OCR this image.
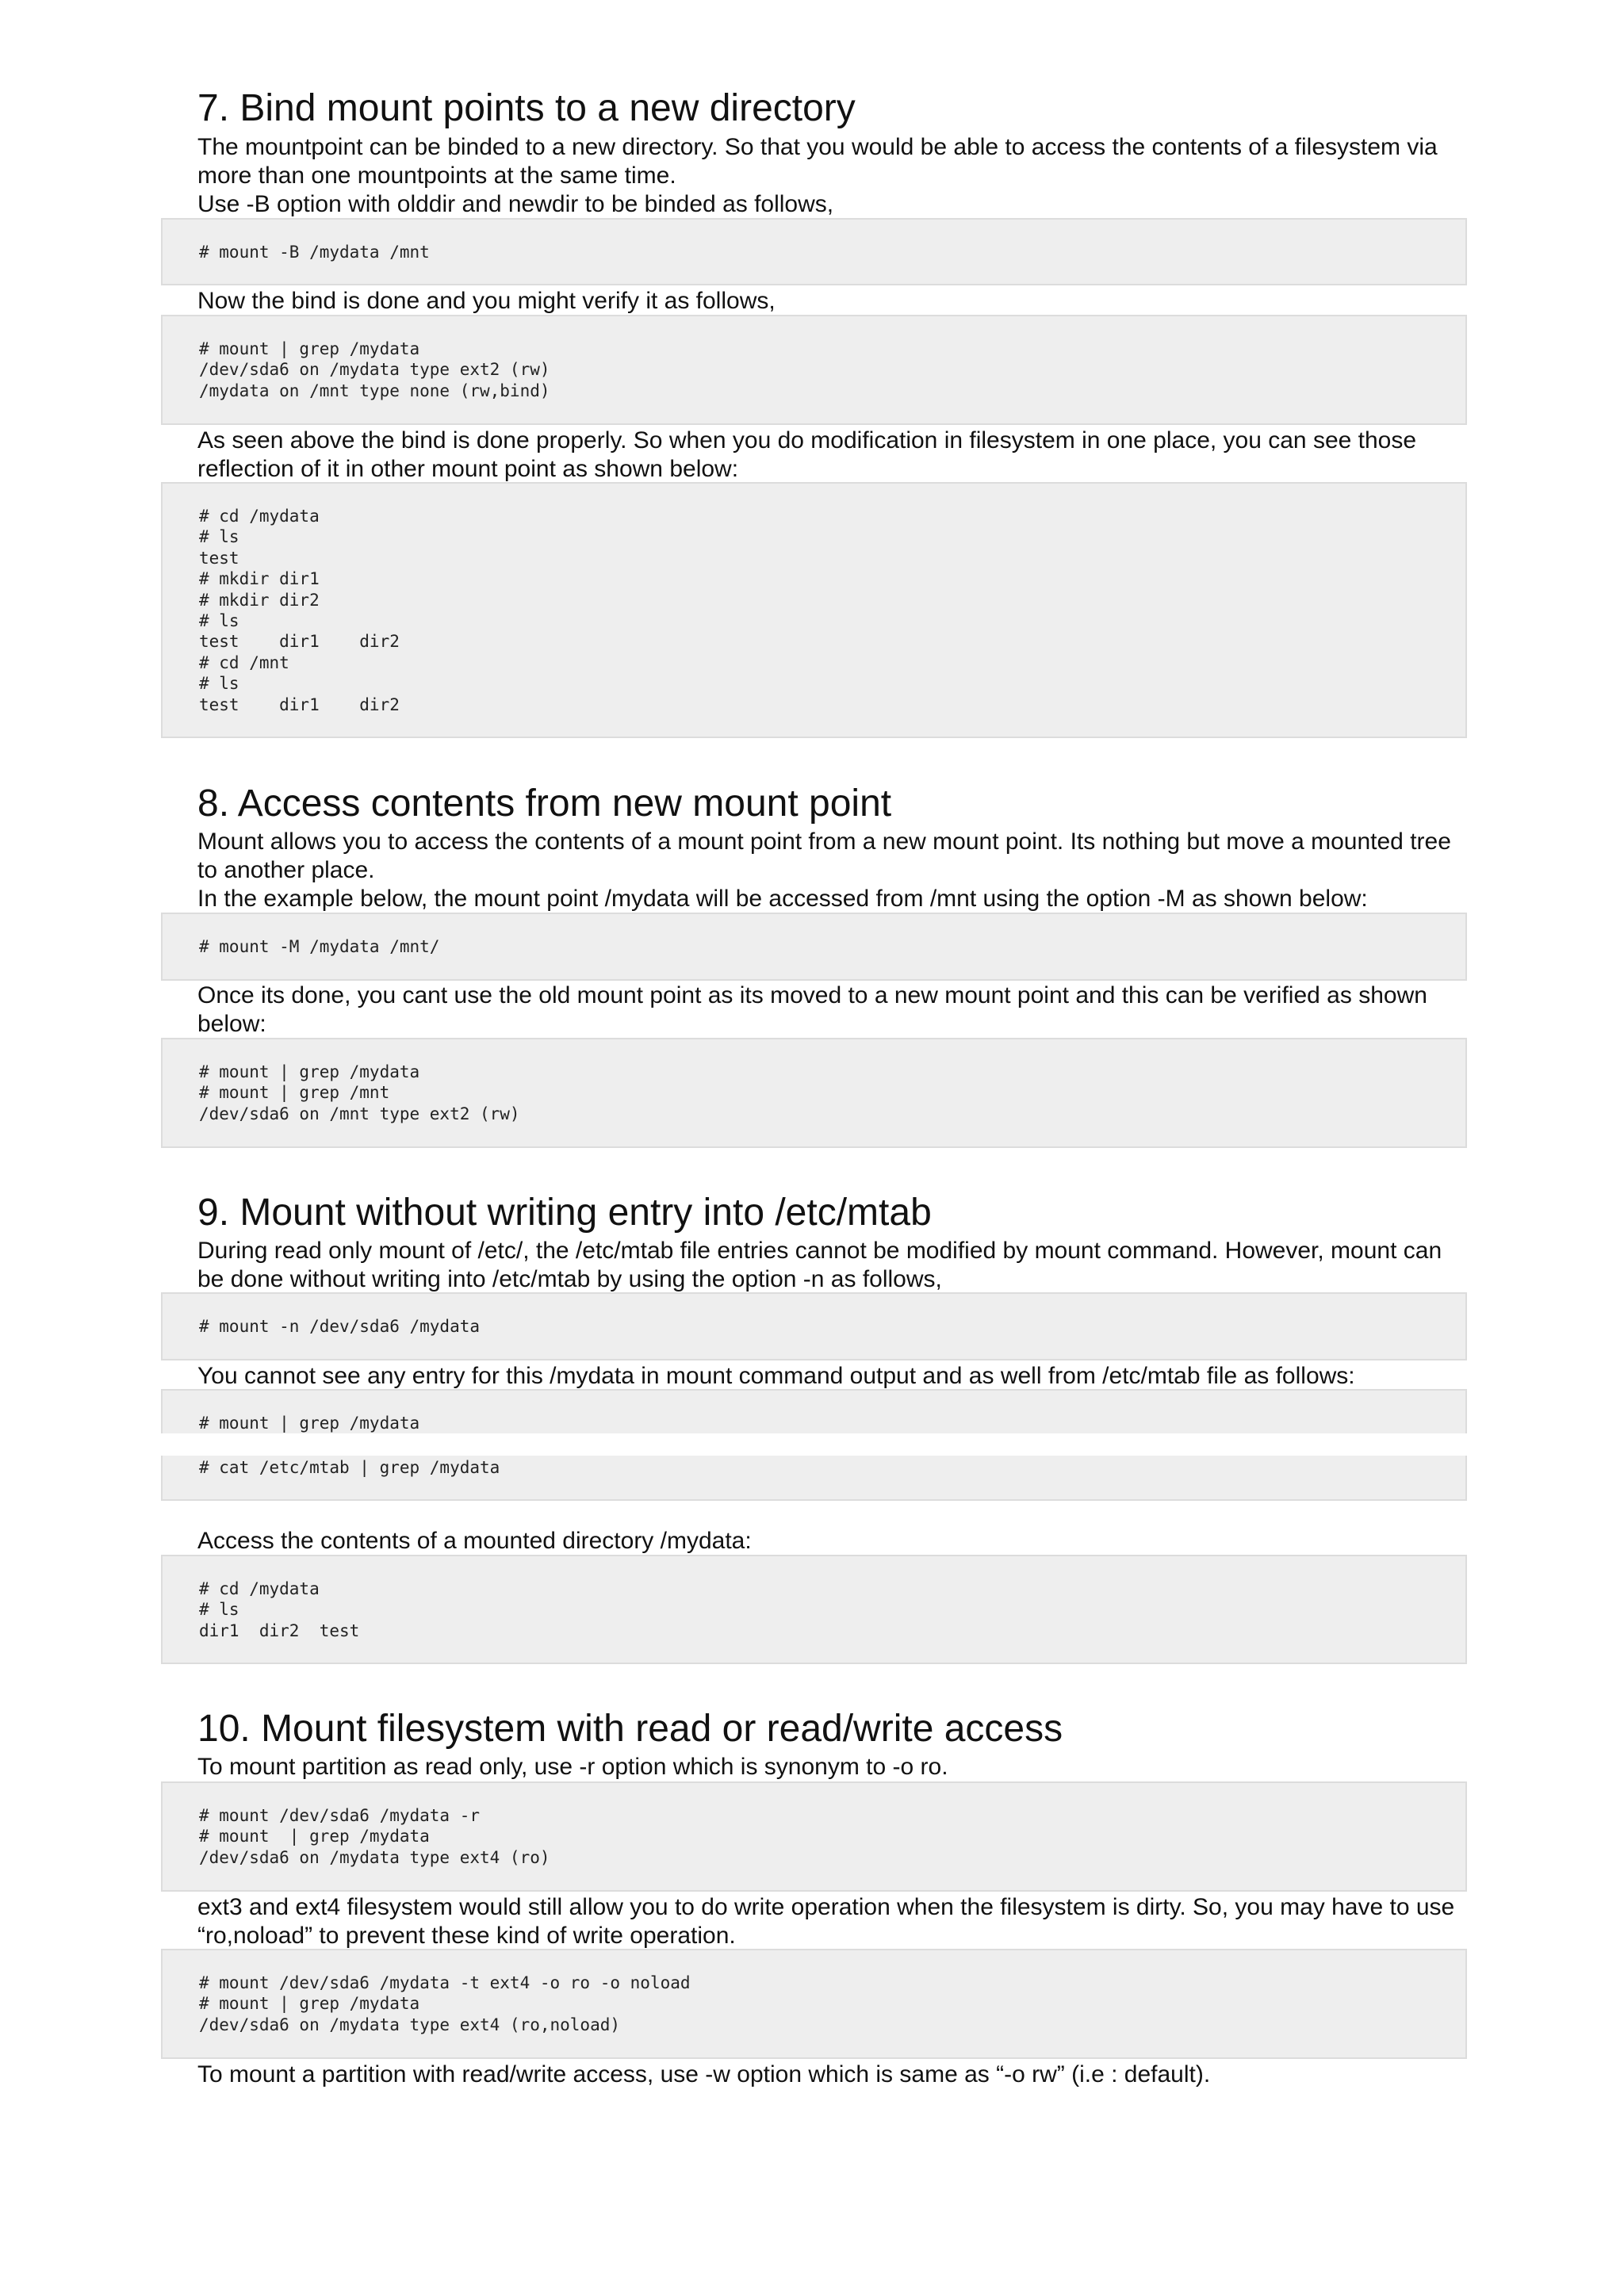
7. Bind mount points to a new directory

The mountpoint can be binded to a new directory. So that you would be able to access the contents of a filesystem via more than one mountpoints at the same time.

Use -B option with olddir and newdir to be binded as follows,

# mount -B /mydata /mnt

Now the bind is done and you might verify it as follows,

# mount | grep /mydata
/dev/sda6 on /mydata type ext2 (rw)
/mydata on /mnt type none (rw,bind)

As seen above the bind is done properly. So when you do modification in filesystem in one place, you can see those reflection of it in other mount point as shown below:

# cd /mydata
# ls
test
# mkdir dir1
# mkdir dir2
# ls
test    dir1    dir2
# cd /mnt
# ls
test    dir1    dir2
8. Access contents from new mount point

Mount allows you to access the contents of a mount point from a new mount point. Its nothing but move a mounted tree to another place.

In the example below, the mount point /mydata will be accessed from /mnt using the option -M as shown below:

# mount -M /mydata /mnt/

Once its done, you cant use the old mount point as its moved to a new mount point and this can be verified as shown below:

# mount | grep /mydata
# mount | grep /mnt
/dev/sda6 on /mnt type ext2 (rw)
9. Mount without writing entry into /etc/mtab

During read only mount of /etc/, the /etc/mtab file entries cannot be modified by mount command. However, mount can be done without writing into /etc/mtab by using the option -n as follows,

# mount -n /dev/sda6 /mydata

You cannot see any entry for this /mydata in mount command output and as well from /etc/mtab file as follows:

# mount | grep /mydata
# cat /etc/mtab | grep /mydata

Access the contents of a mounted directory /mydata:

# cd /mydata
# ls
dir1  dir2  test
10. Mount filesystem with read or read/write access

To mount partition as read only, use -r option which is synonym to -o ro.

# mount /dev/sda6 /mydata -r
# mount  | grep /mydata
/dev/sda6 on /mydata type ext4 (ro)

ext3 and ext4 filesystem would still allow you to do write operation when the filesystem is dirty. So, you may have to use “ro,noload” to prevent these kind of write operation.

# mount /dev/sda6 /mydata -t ext4 -o ro -o noload
# mount | grep /mydata
/dev/sda6 on /mydata type ext4 (ro,noload)

To mount a partition with read/write access, use -w option which is same as “-o rw” (i.e : default).
